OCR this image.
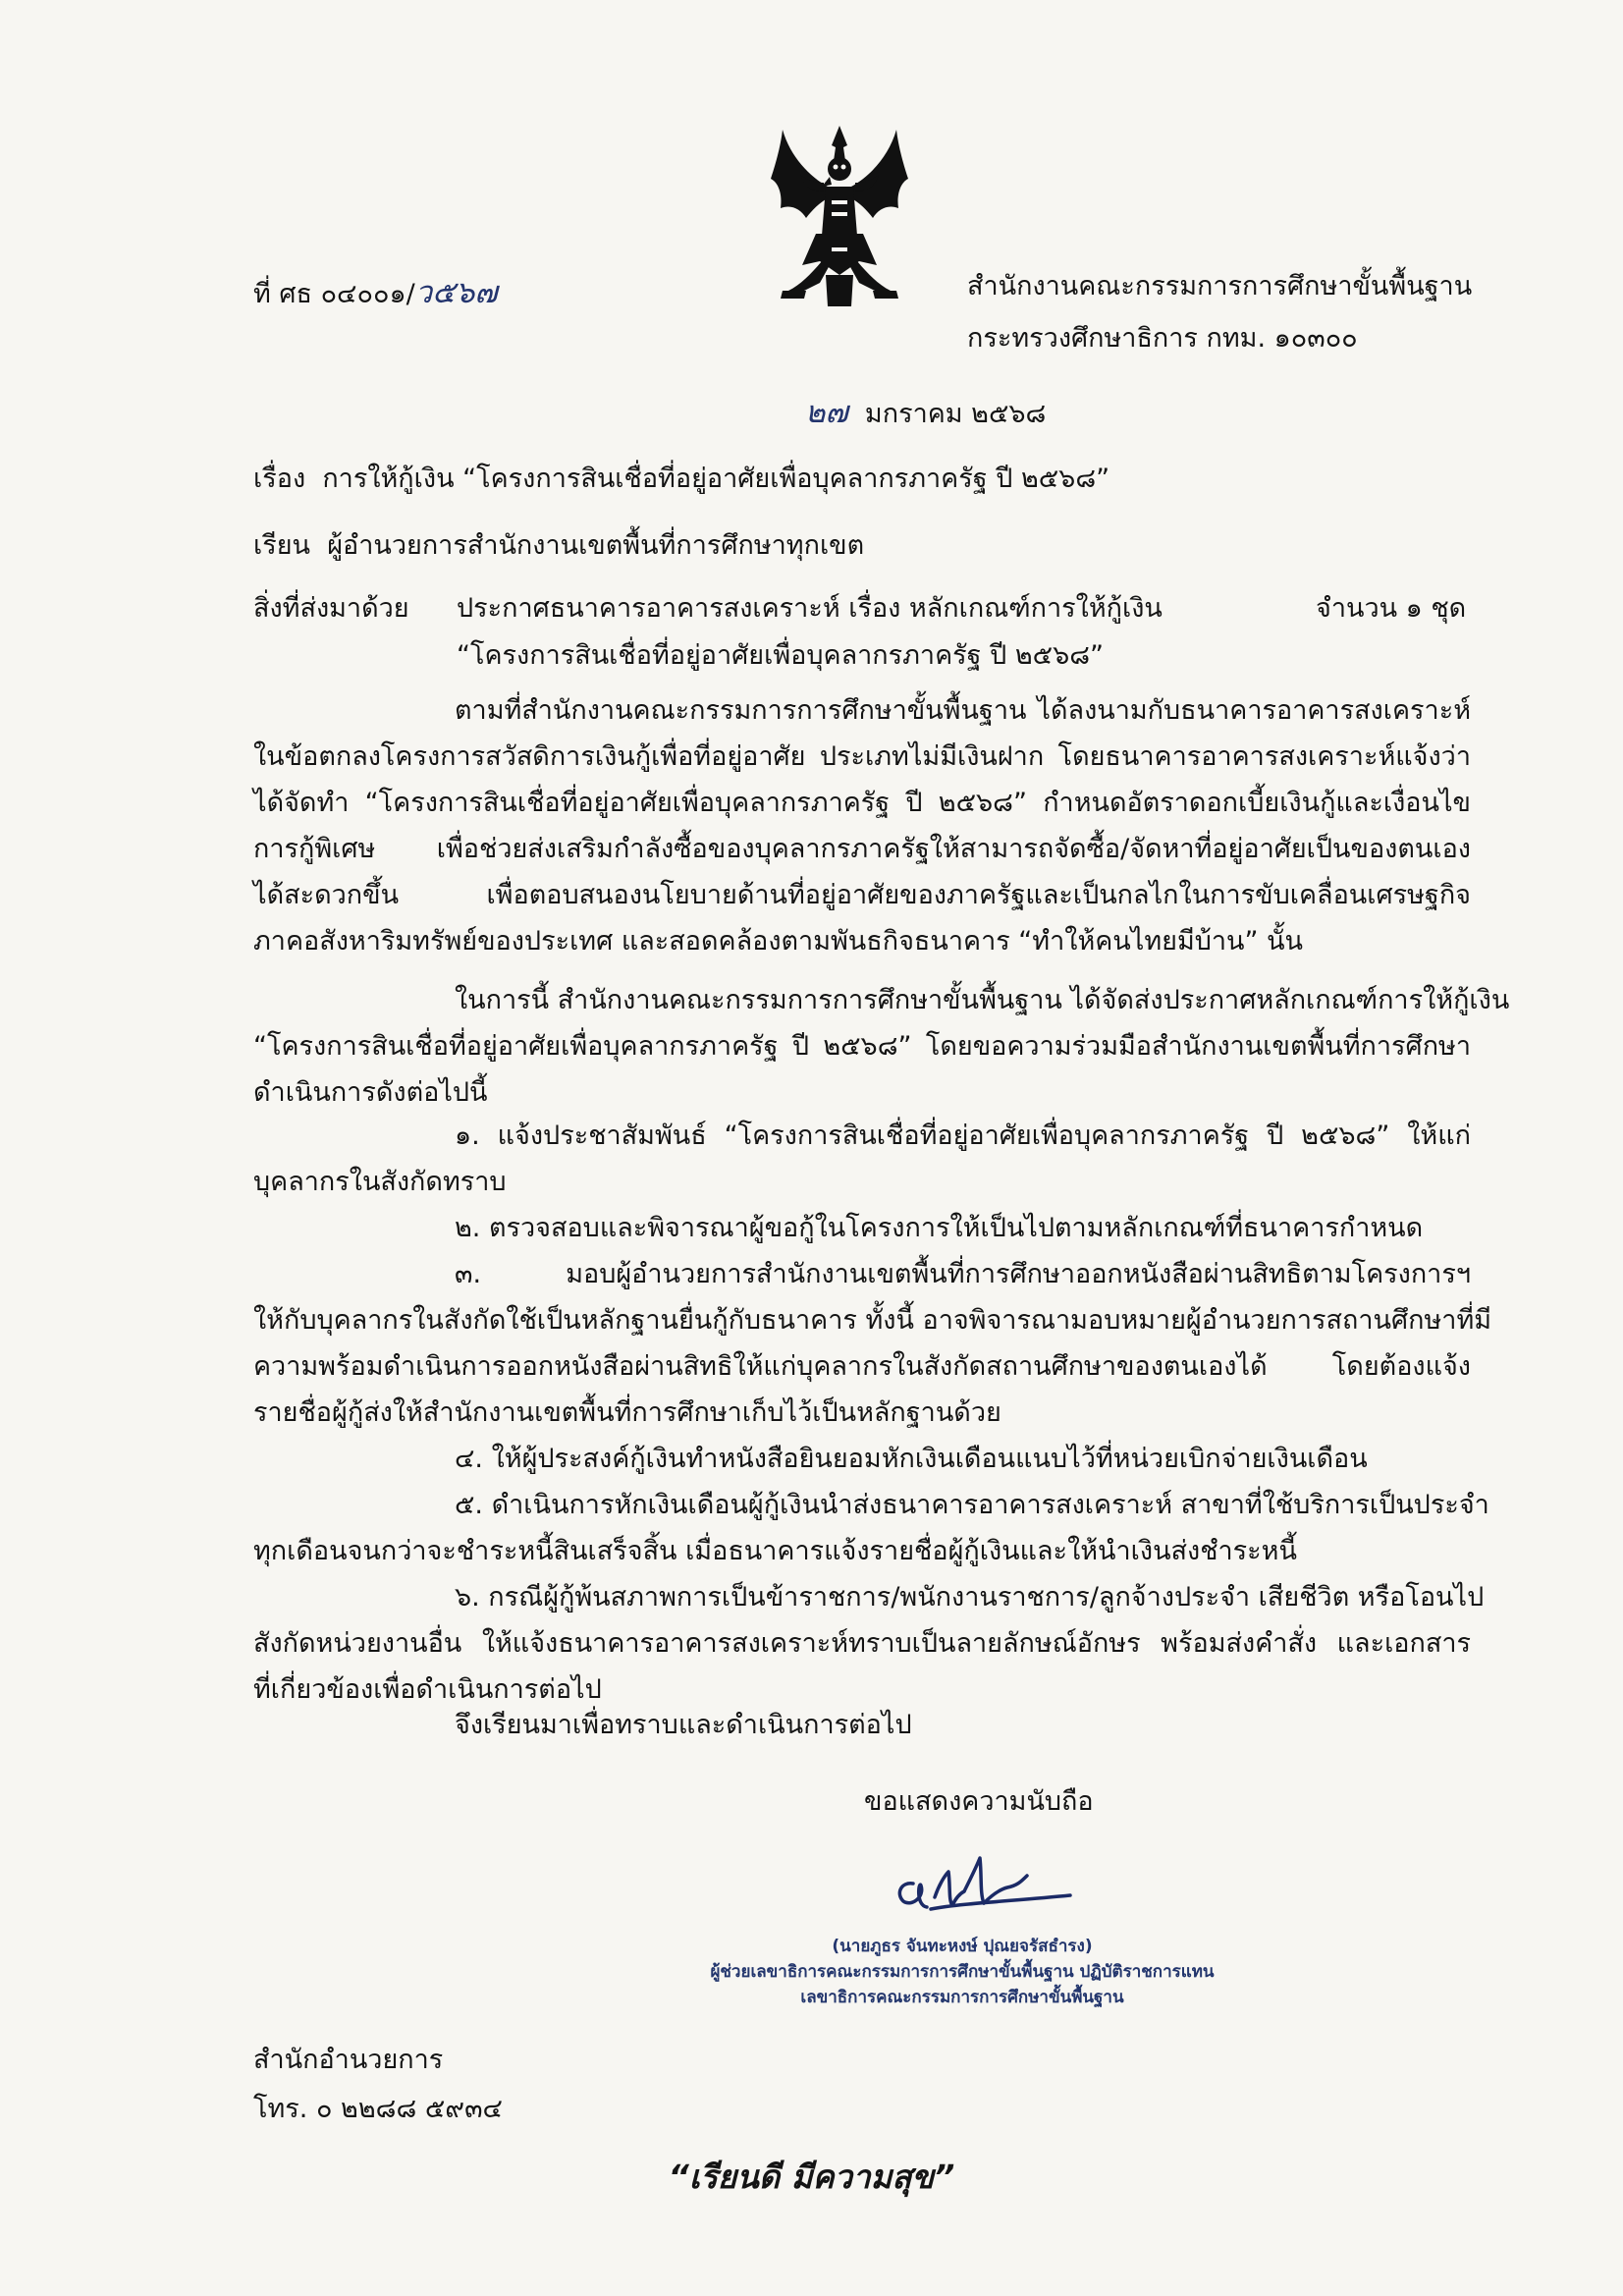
ที่ ศธ ๐๔๐๐๑/ว๕๖๗	สำนักงานคณะกรรมการการศึกษาขั้นพื้นฐาน
กระทรวงศึกษาธิการ กทม. ๑๐๓๐๐
๒๗ มกราคม ๒๕๖๘
เรื่อง การให้กู้เงิน “โครงการสินเชื่อที่อยู่อาศัยเพื่อบุคลากรภาครัฐ ปี ๒๕๖๘”
เรียน ผู้อำนวยการสำนักงานเขตพื้นที่การศึกษาทุกเขต
สิ่งที่ส่งมาด้วย ประกาศธนาคารอาคารสงเคราะห์ เรื่อง หลักเกณฑ์การให้กู้เงิน
“โครงการสินเชื่อที่อยู่อาศัยเพื่อบุคลากรภาครัฐ ปี ๒๕๖๘”
จำนวน ๑ ชุด
ตามที่สำนักงานคณะกรรมการการศึกษาขั้นพื้นฐาน ได้ลงนามกับธนาคารอาคารสงเคราะห์
ในข้อตกลงโครงการสวัสดิการเงินกู้เพื่อที่อยู่อาศัย ประเภทไม่มีเงินฝาก โดยธนาคารอาคารสงเคราะห์แจ้งว่า
ได้จัดทำ “โครงการสินเชื่อที่อยู่อาศัยเพื่อบุคลากรภาครัฐ ปี ๒๕๖๘” กำหนดอัตราดอกเบี้ยเงินกู้และเงื่อนไข
การกู้พิเศษ เพื่อช่วยส่งเสริมกำลังซื้อของบุคลากรภาครัฐให้สามารถจัดซื้อ/จัดหาที่อยู่อาศัยเป็นของตนเอง
ได้สะดวกขึ้น เพื่อตอบสนองนโยบายด้านที่อยู่อาศัยของภาครัฐและเป็นกลไกในการขับเคลื่อนเศรษฐกิจ
ภาคอสังหาริมทรัพย์ของประเทศ และสอดคล้องตามพันธกิจธนาคาร “ทำให้คนไทยมีบ้าน” นั้น
ในการนี้ สำนักงานคณะกรรมการการศึกษาขั้นพื้นฐาน ได้จัดส่งประกาศหลักเกณฑ์การให้กู้เงิน
“โครงการสินเชื่อที่อยู่อาศัยเพื่อบุคลากรภาครัฐ ปี ๒๕๖๘” โดยขอความร่วมมือสำนักงานเขตพื้นที่การศึกษา
ดำเนินการดังต่อไปนี้
๑. แจ้งประชาสัมพันธ์ “โครงการสินเชื่อที่อยู่อาศัยเพื่อบุคลากรภาครัฐ ปี ๒๕๖๘” ให้แก่
บุคลากรในสังกัดทราบ
๒. ตรวจสอบและพิจารณาผู้ขอกู้ในโครงการให้เป็นไปตามหลักเกณฑ์ที่ธนาคารกำหนด
๓. มอบผู้อำนวยการสำนักงานเขตพื้นที่การศึกษาออกหนังสือผ่านสิทธิตามโครงการฯ
ให้กับบุคลากรในสังกัดใช้เป็นหลักฐานยื่นกู้กับธนาคาร ทั้งนี้ อาจพิจารณามอบหมายผู้อำนวยการสถานศึกษาที่มี
ความพร้อมดำเนินการออกหนังสือผ่านสิทธิให้แก่บุคลากรในสังกัดสถานศึกษาของตนเองได้ โดยต้องแจ้ง
รายชื่อผู้กู้ส่งให้สำนักงานเขตพื้นที่การศึกษาเก็บไว้เป็นหลักฐานด้วย
๔. ให้ผู้ประสงค์กู้เงินทำหนังสือยินยอมหักเงินเดือนแนบไว้ที่หน่วยเบิกจ่ายเงินเดือน
๕. ดำเนินการหักเงินเดือนผู้กู้เงินนำส่งธนาคารอาคารสงเคราะห์ สาขาที่ใช้บริการเป็นประจำ
ทุกเดือนจนกว่าจะชำระหนี้สินเสร็จสิ้น เมื่อธนาคารแจ้งรายชื่อผู้กู้เงินและให้นำเงินส่งชำระหนี้
๖. กรณีผู้กู้พ้นสภาพการเป็นข้าราชการ/พนักงานราชการ/ลูกจ้างประจำ เสียชีวิต หรือโอนไป
สังกัดหน่วยงานอื่น ให้แจ้งธนาคารอาคารสงเคราะห์ทราบเป็นลายลักษณ์อักษร พร้อมส่งคำสั่ง และเอกสาร
ที่เกี่ยวข้องเพื่อดำเนินการต่อไป
จึงเรียนมาเพื่อทราบและดำเนินการต่อไป
ขอแสดงความนับถือ
(นายภูธร จันทะหงษ์ ปุณยจรัสธำรง)
ผู้ช่วยเลขาธิการคณะกรรมการการศึกษาขั้นพื้นฐาน ปฏิบัติราชการแทน
เลขาธิการคณะกรรมการการศึกษาขั้นพื้นฐาน
สำนักอำนวยการ
โทร. ๐ ๒๒๘๘ ๕๙๓๔
“เรียนดี มีความสุข”
